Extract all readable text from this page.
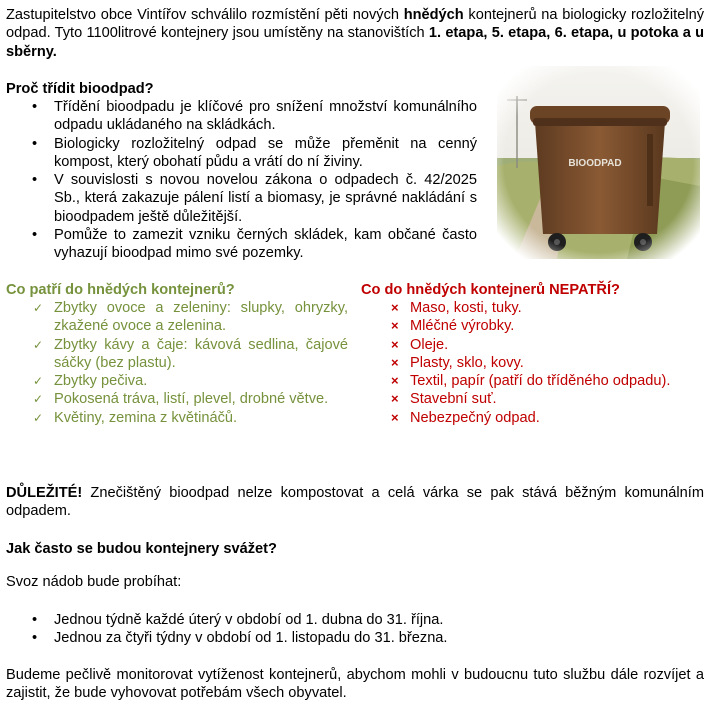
Zastupitelstvo obce Vintířov schválilo rozmístění pěti nových hnědých kontejnerů na biologicky rozložitelný odpad. Tyto 1100litrové kontejnery jsou umístěny na stanovištích 1. etapa, 5. etapa, 6. etapa, u potoka a u sběrny.

Proč třídit bioodpad?
• Třídění bioodpadu je klíčové pro snížení množství komunálního odpadu ukládaného na skládkách.
• Biologicky rozložitelný odpad se může přeměnit na cenný kompost, který obohatí půdu a vrátí do ní živiny.
• V souvislosti s novou novelou zákona o odpadech č. 42/2025 Sb., která zakazuje pálení listí a biomasy, je správné nakládání s bioodpadem ještě důležitější.
• Pomůže to zamezit vzniku černých skládek, kam občané často vyhazují bioodpad mimo své pozemky.
Co patří do hnědých kontejnerů?
✓ Zbytky ovoce a zeleniny: slupky, ohryzky, zkažené ovoce a zelenina.
✓ Zbytky kávy a čaje: kávová sedlina, čajové sáčky (bez plastu).
✓ Zbytky pečiva.
✓ Pokosená tráva, listí, plevel, drobné větve.
✓ Květiny, zemina z květináčů.
Co do hnědých kontejnerů NEPATŘÍ?
× Maso, kosti, tuky.
× Mléčné výrobky.
× Oleje.
× Plasty, sklo, kovy.
× Textil, papír (patří do tříděného odpadu).
× Stavební suť.
× Nebezpečný odpad.

DŮLEŽITÉ! Znečištěný bioodpad nelze kompostovat a celá várka se pak stává běžným komunálním odpadem.

Jak často se budou kontejnery svážet?

Svoz nádob bude probíhat:

• Jednou týdně každé úterý v období od 1. dubna do 31. října.
• Jednou za čtyři týdny v období od 1. listopadu do 31. března.

Budeme pečlivě monitorovat vytíženost kontejnerů, abychom mohli v budoucnu tuto službu dále rozvíjet a zajistit, že bude vyhovovat potřebám všech obyvatel.
